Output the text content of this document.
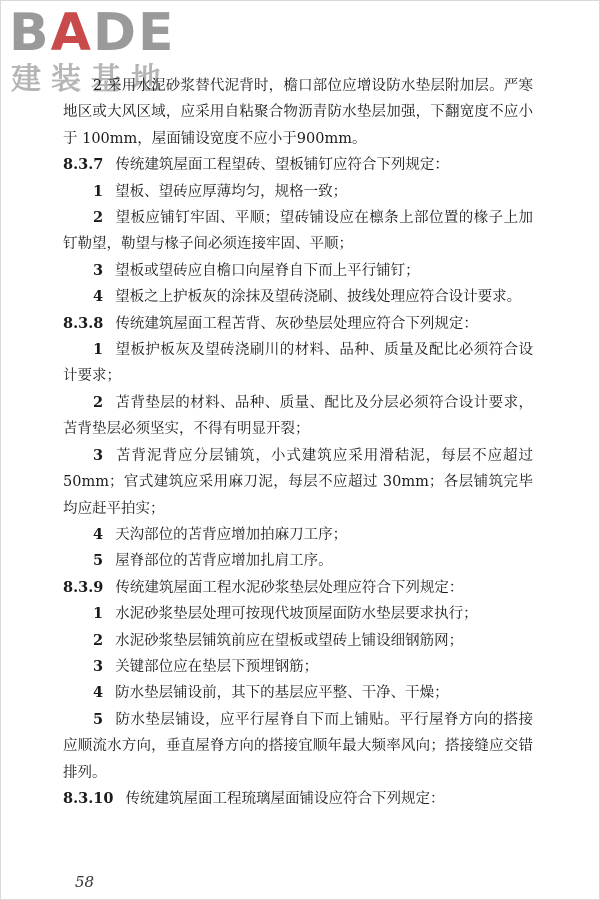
BADE
建装基地

2 采用水泥砂浆替代泥背时，檐口部位应增设防水垫层附加层。严寒地区或大风区域，应采用自粘聚合物沥青防水垫层加强，下翻宽度不应小于 100mm，屋面铺设宽度不应小于900mm。

8.3.7 传统建筑屋面工程望砖、望板铺钉应符合下列规定：

1 望板、望砖应厚薄均匀，规格一致；

2 望板应铺钉牢固、平顺；望砖铺设应在檩条上部位置的椽子上加钉勒望，勒望与椽子间必须连接牢固、平顺；

3 望板或望砖应自檐口向屋脊自下而上平行铺钉；

4 望板之上护板灰的涂抹及望砖浇刷、披线处理应符合设计要求。

8.3.8 传统建筑屋面工程苫背、灰砂垫层处理应符合下列规定：

1 望板护板灰及望砖浇刷川的材料、品种、质量及配比必须符合设计要求；

2 苫背垫层的材料、品种、质量、配比及分层必须符合设计要求，苫背垫层必须坚实，不得有明显开裂；

3 苫背泥背应分层铺筑，小式建筑应采用滑秸泥，每层不应超过 50mm；官式建筑应采用麻刀泥，每层不应超过 30mm；各层铺筑完毕均应赶平拍实；

4 天沟部位的苫背应增加拍麻刀工序；

5 屋脊部位的苫背应增加扎肩工序。

8.3.9 传统建筑屋面工程水泥砂浆垫层处理应符合下列规定：

1 水泥砂浆垫层处理可按现代坡顶屋面防水垫层要求执行；

2 水泥砂浆垫层铺筑前应在望板或望砖上铺设细钢筋网；

3 关键部位应在垫层下预埋钢筋；

4 防水垫层铺设前，其下的基层应平整、干净、干燥；

5 防水垫层铺设，应平行屋脊自下而上铺贴。平行屋脊方向的搭接应顺流水方向，垂直屋脊方向的搭接宜顺年最大频率风向；搭接缝应交错排列。

8.3.10 传统建筑屋面工程琉璃屋面铺设应符合下列规定：

58
